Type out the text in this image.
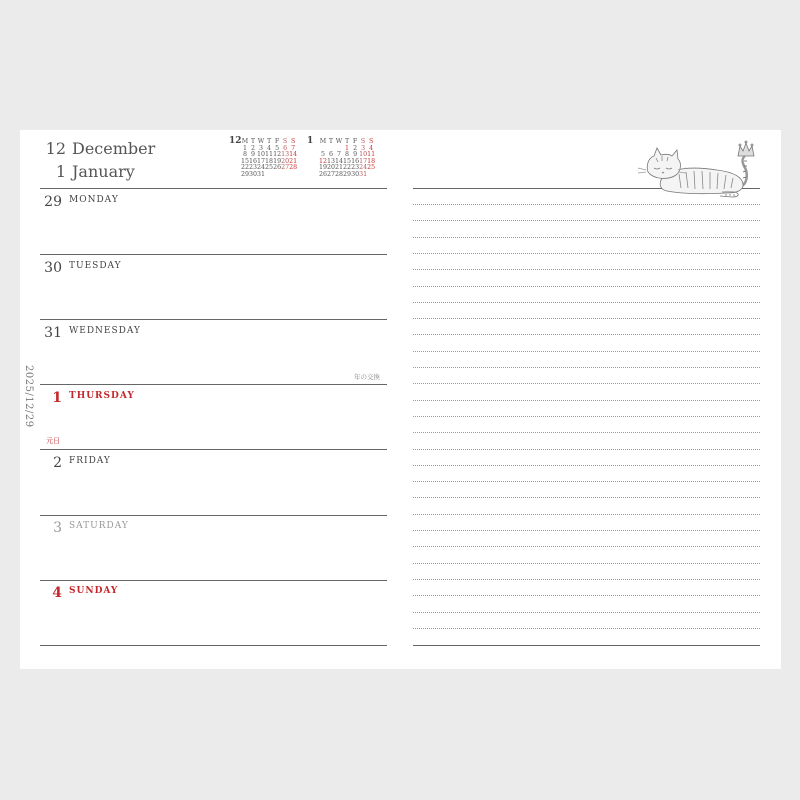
12 December
1 January
12 M	T	W	T	F	S	S
1	2	3	4	5	6	7
8	9	10	11	12	13	14
15	16	17	18	19	20	21
22	23	24	25	26	27	28
29	30	31				
1 M	T	W	T	F	S	S
			1	2	3	4
5	6	7	8	9	10	11
12	13	14	15	16	17	18
19	20	21	22	23	24	25
26	27	28	29	30	31	
2025/12/29
29 MONDAY
30 TUESDAY
31 WEDNESDAY
年の交換
1 THURSDAY
元日
2 FRIDAY
3 SATURDAY
4 SUNDAY
